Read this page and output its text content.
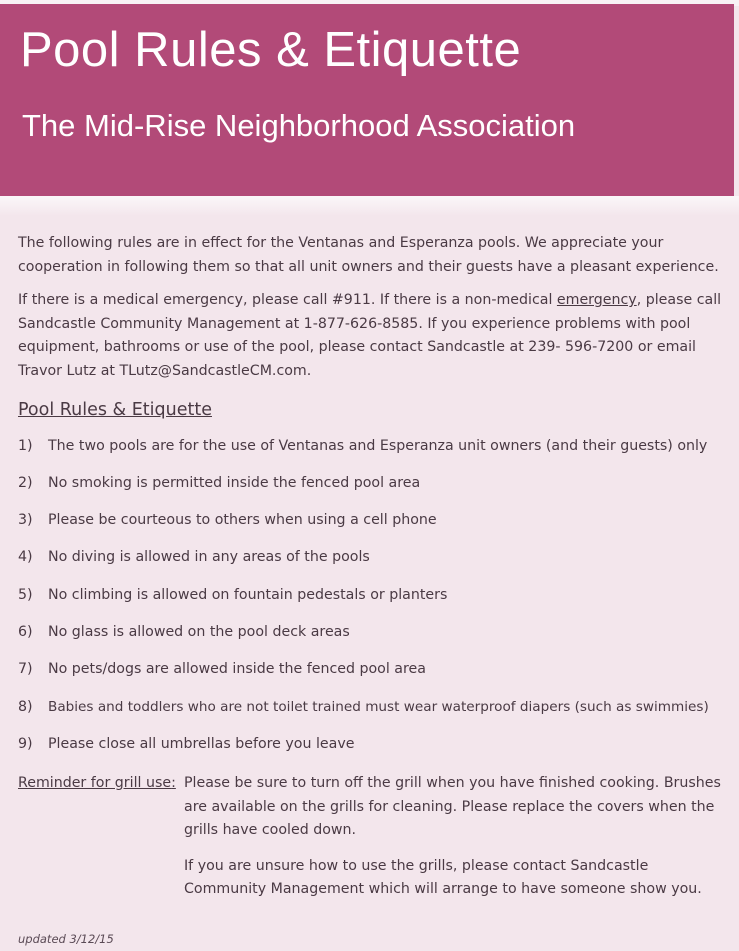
Pool Rules & Etiquette
The Mid-Rise Neighborhood Association

The following rules are in effect for the Ventanas and Esperanza pools. We appreciate your cooperation in following them so that all unit owners and their guests have a pleasant experience.

If there is a medical emergency, please call #911. If there is a non-medical emergency, please call Sandcastle Community Management at 1-877-626-8585. If you experience problems with pool equipment, bathrooms or use of the pool, please contact Sandcastle at 239- 596-7200 or email Travor Lutz at TLutz@SandcastleCM.com.

Pool Rules & Etiquette
1) The two pools are for the use of Ventanas and Esperanza unit owners (and their guests) only
2) No smoking is permitted inside the fenced pool area
3) Please be courteous to others when using a cell phone
4) No diving is allowed in any areas of the pools
5) No climbing is allowed on fountain pedestals or planters
6) No glass is allowed on the pool deck areas
7) No pets/dogs are allowed inside the fenced pool area
8) Babies and toddlers who are not toilet trained must wear waterproof diapers (such as swimmies)
9) Please close all umbrellas before you leave
Reminder for grill use: Please be sure to turn off the grill when you have finished cooking. Brushes are available on the grills for cleaning. Please replace the covers when the grills have cooled down.

If you are unsure how to use the grills, please contact Sandcastle Community Management which will arrange to have someone show you.

updated 3/12/15
